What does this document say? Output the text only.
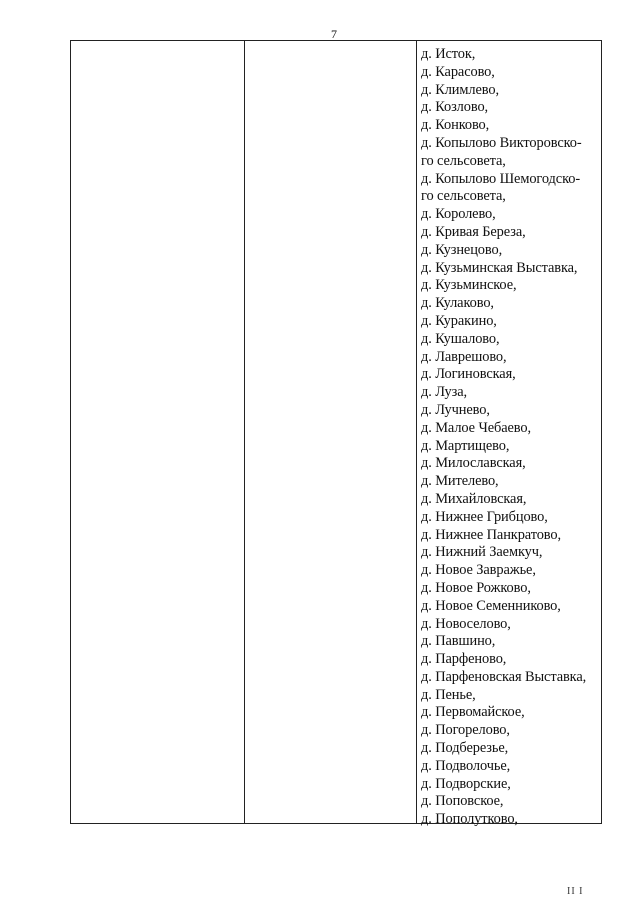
7
д. Исток,
д. Карасово,
д. Климлево,
д. Козлово,
д. Конково,
д. Копылово Викторовско-
го сельсовета,
д. Копылово Шемогодско-
го сельсовета,
д. Королево,
д. Кривая Береза,
д. Кузнецово,
д. Кузьминская Выставка,
д. Кузьминское,
д. Кулаково,
д. Куракино,
д. Кушалово,
д. Лаврешово,
д. Логиновская,
д. Луза,
д. Лучнево,
д. Малое Чебаево,
д. Мартищево,
д. Милославская,
д. Мителево,
д. Михайловская,
д. Нижнее Грибцово,
д. Нижнее Панкратово,
д. Нижний Заемкуч,
д. Новое Завражье,
д. Новое Рожково,
д. Новое Семенниково,
д. Новоселово,
д. Павшино,
д. Парфеново,
д. Парфеновская Выставка,
д. Пенье,
д. Первомайское,
д. Погорелово,
д. Подберезье,
д. Подволочье,
д. Подворские,
д. Поповское,
д. Пополутково,
II I
